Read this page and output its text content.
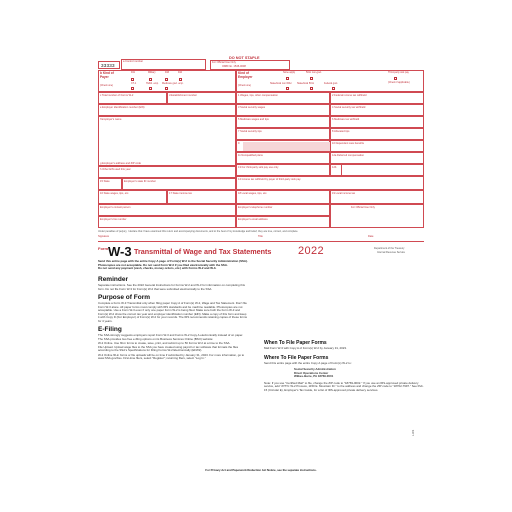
33333
a Control number
DO NOT STAPLE
For Official Use Only
OMB No. 1545-0008
b Kind of Payer
(Check one)
941	Military	943	944
CT-1	Hshld. emp. Medicare govt. emp.
Kind of Employer
(Check one)
None apply	501c non-govt.
State/local non-501c State/local 501c	Federal govt.
Third-party sick pay
(Check if applicable)
c Total number of Forms W-2	d Establishment number
e Employer identification number (EIN)
f Employer's name
g Employer's address and ZIP code
h Other EIN used this year
15 State	Employer's state ID number
16 State wages, tips, etc.	17 State income tax
Employer's contact person
Employer's fax number
1 Wages, tips, other compensation	2 Federal income tax withheld
3 Social security wages	4 Social security tax withheld
5 Medicare wages and tips	6 Medicare tax withheld
7 Social security tips	8 Allocated tips
9	10 Dependent care benefits
11 Nonqualified plans	12a Deferred compensation
13 For third-party sick pay use only	12b
14 Income tax withheld by payer of third-party sick pay
18 Local wages, tips, etc.	19 Local income tax
Employer's telephone number	For Official Use Only
Employer's email address
Under penalties of perjury, I declare that I have examined this return and accompanying documents, and to the best of my knowledge and belief, they are true, correct, and complete.
Signature	Title	Date
Form W-3 Transmittal of Wage and Tax Statements 2022	Department of the Treasury
Internal Revenue Service
Send this entire page with the entire Copy A page of Form(s) W-2 to the Social Security Administration (SSA).
Photocopies are not acceptable. Do not send Form W-3 if you filed electronically with the SSA.
Do not send any payment (cash, checks, money orders, etc.) with Forms W-2 and W-3.
Reminder
Separate instructions. See the 2022 General Instructions for Forms W-2 and W-3 for information on completing this form. Do not file Form W-3 for Form(s) W-2 that were submitted electronically to the SSA.
Purpose of Form
Complete a Form W-3 Transmittal only when filing paper Copy A of Form(s) W-2, Wage and Tax Statement. Don't file Form W-3 alone. All paper forms must comply with IRS standards and be machine readable. Photocopies are not acceptable. Use a Form W-3 even if only one paper Form W-2 is being filed. Make sure both the Form W-3 and Form(s) W-2 show the correct tax year and employer identification number (EIN). Make a copy of this form and keep it with Copy D (For Employer) of Form(s) W-2 for your records. The IRS recommends retaining copies of these forms for 4 years.
E-Filing
The SSA strongly suggests employers report Form W-3 and Forms W-2 Copy A electronically instead of on paper. The SSA provides two free e-filing options on its Business Services Online (BSO) website:
W-2 Online. Use fill-in forms to create, save, print, and submit up to 50 Forms W-2 at a time to the SSA.
File Upload. Upload wage files to the SSA you have created using payroll or tax software that formats the files according to the SSA's Specifications for Filing Forms W-2 Electronically (EFW2).
W-2 Online fill-in forms or file uploads will be on time if submitted by January 31, 2023. For more information, go to www.SSA.gov/bso. First-time filers, select "Register"; returning filers, select "Log In."
When To File Paper Forms
Mail Form W-3 with Copy A of Form(s) W-2 by January 31, 2023.
Where To File Paper Forms
Send this entire page with the entire Copy A page of Form(s) W-2 to:
Social Security Administration
Direct Operations Center
Wilkes-Barre, PA 18769-0001
Note: If you use "Certified Mail" to file, change the ZIP code to "18769-0002." If you use an IRS-approved private delivery service, add "ATTN: W-2 Process, 1150 E. Mountain Dr." to the address and change the ZIP code to "18702-7997." See Pub. 15 (Circular E), Employer's Tax Guide, for a list of IRS-approved private delivery services.
For Privacy Act and Paperwork Reduction Act Notice, see the separate instructions.
L-W3
